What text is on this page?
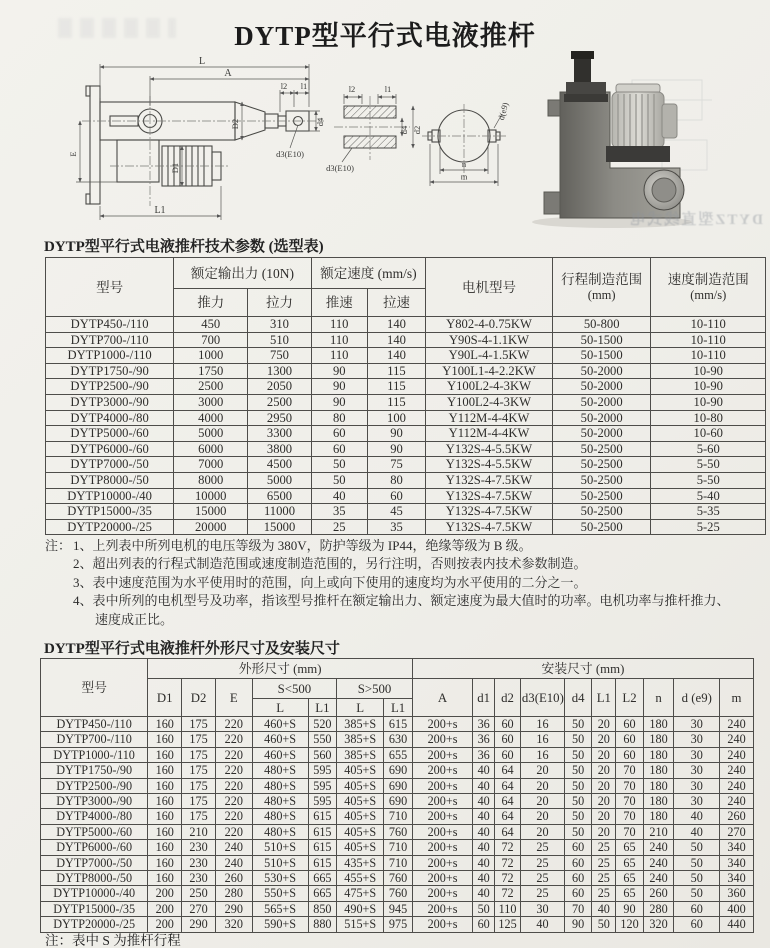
DYTP型平行式电液推杆
L
A
l2 l1
D2	d4
d3(E10)
E
D1
L1
l2	l1
d3(E10)
d4 d2
n
m
d(e9)
DYTZ型直线式电
DYTP型平行式电液推杆技术参数 (选型表)
型号	额定输出力 (10N)		额定速度 (mm/s)		电机型号	行程制造范围
(mm)	速度制造范围
(mm/s)
	推力	拉力	推速	拉速			
DYTP450-/110	450	310	110	140	Y802-4-0.75KW	50-800	10-110
DYTP700-/110	700	510	110	140	Y90S-4-1.1KW	50-1500	10-110
DYTP1000-/110	1000	750	110	140	Y90L-4-1.5KW	50-1500	10-110
DYTP1750-/90	1750	1300	90	115	Y100L1-4-2.2KW	50-2000	10-90
DYTP2500-/90	2500	2050	90	115	Y100L2-4-3KW	50-2000	10-90
DYTP3000-/90	3000	2500	90	115	Y100L2-4-3KW	50-2000	10-90
DYTP4000-/80	4000	2950	80	100	Y112M-4-4KW	50-2000	10-80
DYTP5000-/60	5000	3300	60	90	Y112M-4-4KW	50-2000	10-60
DYTP6000-/60	6000	3800	60	90	Y132S-4-5.5KW	50-2500	5-60
DYTP7000-/50	7000	4500	50	75	Y132S-4-5.5KW	50-2500	5-50
DYTP8000-/50	8000	5000	50	80	Y132S-4-7.5KW	50-2500	5-50
DYTP10000-/40	10000	6500	40	60	Y132S-4-7.5KW	50-2500	5-40
DYTP15000-/35	15000	11000	35	45	Y132S-4-7.5KW	50-2500	5-35
DYTP20000-/25	20000	15000	25	35	Y132S-4-7.5KW	50-2500	5-25
注： 1、上列表中所列电机的电压等级为 380V，防护等级为 IP44，绝缘等级为 B 级。
2、超出列表的行程式制造范围或速度制造范围的，另行注明，否则按表内技术参数制造。
3、表中速度范围为水平使用时的范围，向上或向下使用的速度均为水平使用的二分之一。
4、表中所列的电机型号及功率，指该型号推杆在额定输出力、额定速度为最大值时的功率。电机功率与推杆推力、速度成正比。
DYTP型平行式电液推杆外形尺寸及安装尺寸
型号	外形尺寸 (mm)							安装尺寸 (mm)									
	D1	D2	E	S<500		S>500		A	d1	d2	d3(E10)	d4	L1	L2	n	d (e9)	m
				L	L1	L	L1										
DYTP450-/110	160	175	220	460+S	520	385+S	615	200+s	36	60	16	50	20	60	180	30	240
DYTP700-/110	160	175	220	460+S	550	385+S	630	200+s	36	60	16	50	20	60	180	30	240
DYTP1000-/110	160	175	220	460+S	560	385+S	655	200+s	36	60	16	50	20	60	180	30	240
DYTP1750-/90	160	175	220	480+S	595	405+S	690	200+s	40	64	20	50	20	70	180	30	240
DYTP2500-/90	160	175	220	480+S	595	405+S	690	200+s	40	64	20	50	20	70	180	30	240
DYTP3000-/90	160	175	220	480+S	595	405+S	690	200+s	40	64	20	50	20	70	180	30	240
DYTP4000-/80	160	175	220	480+S	615	405+S	710	200+s	40	64	20	50	20	70	180	40	260
DYTP5000-/60	160	210	220	480+S	615	405+S	760	200+s	40	64	20	50	20	70	210	40	270
DYTP6000-/60	160	230	240	510+S	615	405+S	710	200+s	40	72	25	60	25	65	240	50	340
DYTP7000-/50	160	230	240	510+S	615	435+S	710	200+s	40	72	25	60	25	65	240	50	340
DYTP8000-/50	160	230	260	530+S	665	455+S	760	200+s	40	72	25	60	25	65	240	50	340
DYTP10000-/40	200	250	280	550+S	665	475+S	760	200+s	40	72	25	60	25	65	260	50	360
DYTP15000-/35	200	270	290	565+S	850	490+S	945	200+s	50	110	30	70	40	90	280	60	400
DYTP20000-/25	200	290	320	590+S	880	515+S	975	200+s	60	125	40	90	50	120	320	60	440
注：表中 S 为推杆行程
